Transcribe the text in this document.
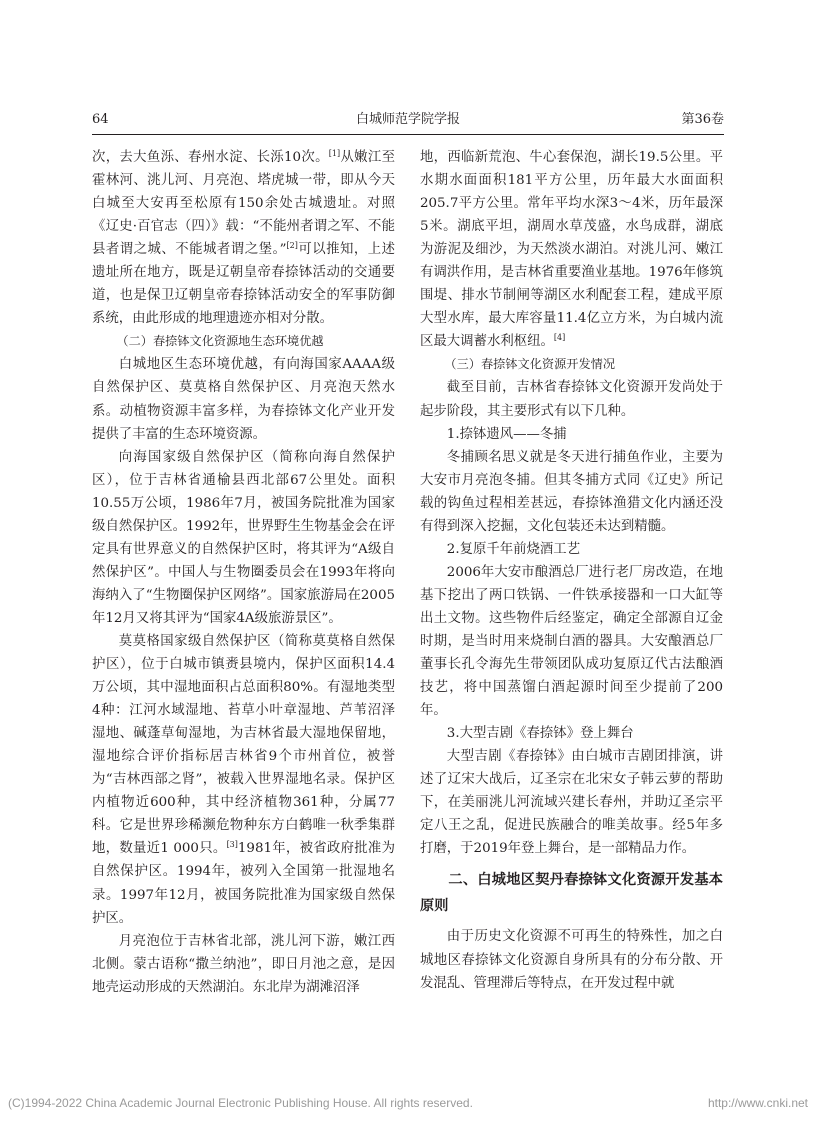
64	白城师范学院学报	第36卷

次，去大鱼泺、春州水淀、长泺10次。[1]从嫩江至霍林河、洮儿河、月亮泡、塔虎城一带，即从今天白城至大安再至松原有150余处古城遗址。对照《辽史·百官志（四）》载：“不能州者谓之军、不能县者谓之城、不能城者谓之堡。”[2]可以推知，上述遗址所在地方，既是辽朝皇帝春捺钵活动的交通要道，也是保卫辽朝皇帝春捺钵活动安全的军事防御系统，由此形成的地理遗迹亦相对分散。

（二）春捺钵文化资源地生态环境优越

白城地区生态环境优越，有向海国家AAAA级自然保护区、莫莫格自然保护区、月亮泡天然水系。动植物资源丰富多样，为春捺钵文化产业开发提供了丰富的生态环境资源。

向海国家级自然保护区（简称向海自然保护区），位于吉林省通榆县西北部67公里处。面积10.55万公顷，1986年7月，被国务院批准为国家级自然保护区。1992年，世界野生生物基金会在评定具有世界意义的自然保护区时，将其评为“A级自然保护区”。中国人与生物圈委员会在1993年将向海纳入了“生物圈保护区网络”。国家旅游局在2005年12月又将其评为“国家4A级旅游景区”。

莫莫格国家级自然保护区（简称莫莫格自然保护区），位于白城市镇赉县境内，保护区面积14.4万公顷，其中湿地面积占总面积80%。有湿地类型4种：江河水域湿地、苔草小叶章湿地、芦苇沼泽湿地、碱蓬草甸湿地，为吉林省最大湿地保留地，湿地综合评价指标居吉林省9个市州首位，被誉为“吉林西部之肾”，被载入世界湿地名录。保护区内植物近600种，其中经济植物361种，分属77科。它是世界珍稀濒危物种东方白鹤唯一秋季集群地，数量近1 000只。[3]1981年，被省政府批准为自然保护区。1994年，被列入全国第一批湿地名录。1997年12月，被国务院批准为国家级自然保护区。

月亮泡位于吉林省北部，洮儿河下游，嫩江西北侧。蒙古语称“撒兰纳池”，即日月池之意，是因地壳运动形成的天然湖泊。东北岸为湖滩沼泽

地，西临新荒泡、牛心套保泡，湖长19.5公里。平水期水面面积181平方公里，历年最大水面面积205.7平方公里。常年平均水深3～4米，历年最深5米。湖底平坦，湖周水草茂盛，水鸟成群，湖底为游泥及细沙，为天然淡水湖泊。对洮儿河、嫩江有调洪作用，是吉林省重要渔业基地。1976年修筑围堤、排水节制闸等湖区水利配套工程，建成平原大型水库，最大库容量11.4亿立方米，为白城内流区最大调蓄水利枢纽。[4]

（三）春捺钵文化资源开发情况

截至目前，吉林省春捺钵文化资源开发尚处于起步阶段，其主要形式有以下几种。

1.捺钵遗风——冬捕

冬捕顾名思义就是冬天进行捕鱼作业，主要为大安市月亮泡冬捕。但其冬捕方式同《辽史》所记载的钩鱼过程相差甚远，春捺钵渔猎文化内涵还没有得到深入挖掘，文化包装还未达到精髓。

2.复原千年前烧酒工艺

2006年大安市酿酒总厂进行老厂房改造，在地基下挖出了两口铁锅、一件铁承接器和一口大缸等出土文物。这些物件后经鉴定，确定全部源自辽金时期，是当时用来烧制白酒的器具。大安酿酒总厂董事长孔令海先生带领团队成功复原辽代古法酿酒技艺，将中国蒸馏白酒起源时间至少提前了200年。

3.大型吉剧《春捺钵》登上舞台

大型吉剧《春捺钵》由白城市吉剧团排演，讲述了辽宋大战后，辽圣宗在北宋女子韩云萝的帮助下，在美丽洮儿河流域兴建长春州，并助辽圣宗平定八王之乱，促进民族融合的唯美故事。经5年多打磨，于2019年登上舞台，是一部精品力作。

二、白城地区契丹春捺钵文化资源开发基本原则

由于历史文化资源不可再生的特殊性，加之白城地区春捺钵文化资源自身所具有的分布分散、开发混乱、管理滞后等特点，在开发过程中就

(C)1994-2022 China Academic Journal Electronic Publishing House. All rights reserved.	http://www.cnki.net
